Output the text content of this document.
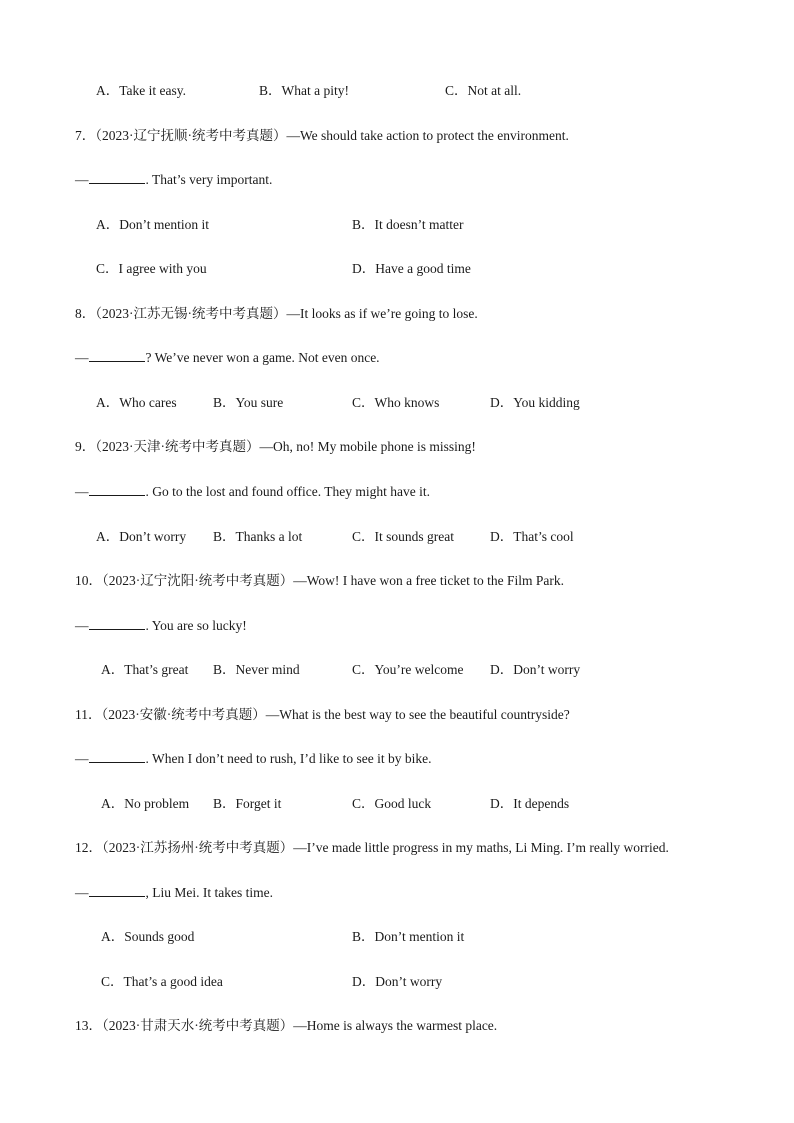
A．Take it easy.	B．What a pity!	C．Not at all.
7．（2023·辽宁抚顺·统考中考真题）—We should take action to protect the environment.
—	. That’s very important.
A．Don’t mention it	B．It doesn’t matter
C．I agree with you	D．Have a good time
8．（2023·江苏无锡·统考中考真题）—It looks as if we’re going to lose.
—	? We’ve never won a game. Not even once.
A．Who cares	B．You sure	C．Who knows	D．You kidding
9．（2023·天津·统考中考真题）—Oh, no! My mobile phone is missing!
—	. Go to the lost and found office. They might have it.
A．Don’t worry B．Thanks a lot	C．It sounds great	D．That’s cool
10．（2023·辽宁沈阳·统考中考真题）—Wow! I have won a free ticket to the Film Park.
—	. You are so lucky!
A．That’s great B．Never mind	C．You’re welcome D．Don’t worry
11．（2023·安徽·统考中考真题）—What is the best way to see the beautiful countryside?
—	. When I don’t need to rush, I’d like to see it by bike.
A．No problem B．Forget it	C．Good luck	D．It depends
12．（2023·江苏扬州·统考中考真题）—I’ve made little progress in my maths, Li Ming. I’m really worried.
—	, Liu Mei. It takes time.
A．Sounds good	B．Don’t mention it
C．That’s a good idea	D．Don’t worry
13．（2023·甘肃天水·统考中考真题）—Home is always the warmest place.
